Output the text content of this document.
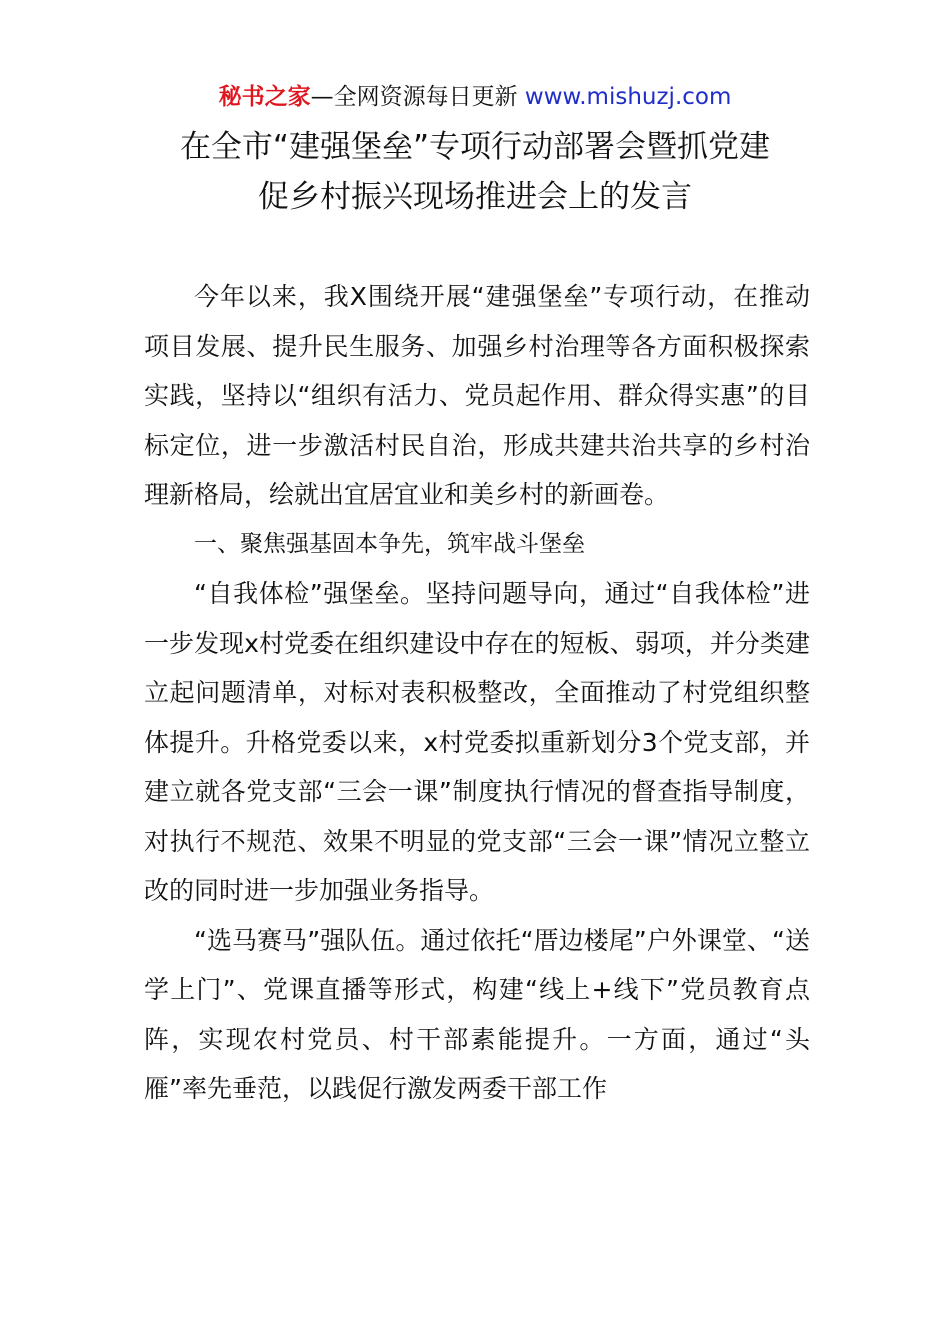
秘书之家—全网资源每日更新 www.mishuzj.com
在全市“建强堡垒”专项行动部署会暨抓党建
促乡村振兴现场推进会上的发言

今年以来，我X围绕开展“建强堡垒”专项行动，在推动项目发展、提升民生服务、加强乡村治理等各方面积极探索实践，坚持以“组织有活力、党员起作用、群众得实惠”的目标定位，进一步激活村民自治，形成共建共治共享的乡村治理新格局，绘就出宜居宜业和美乡村的新画卷。

一、聚焦强基固本争先，筑牢战斗堡垒

“自我体检”强堡垒。坚持问题导向，通过“自我体检”进一步发现x村党委在组织建设中存在的短板、弱项，并分类建立起问题清单，对标对表积极整改，全面推动了村党组织整体提升。升格党委以来，x村党委拟重新划分3个党支部，并建立就各党支部“三会一课”制度执行情况的督查指导制度，对执行不规范、效果不明显的党支部“三会一课”情况立整立改的同时进一步加强业务指导。

“选马赛马”强队伍。通过依托“厝边楼尾”户外课堂、“送学上门”、党课直播等形式，构建“线上+线下”党员教育点阵，实现农村党员、村干部素能提升。一方面，通过“头雁”率先垂范，以践促行激发两委干部工作
